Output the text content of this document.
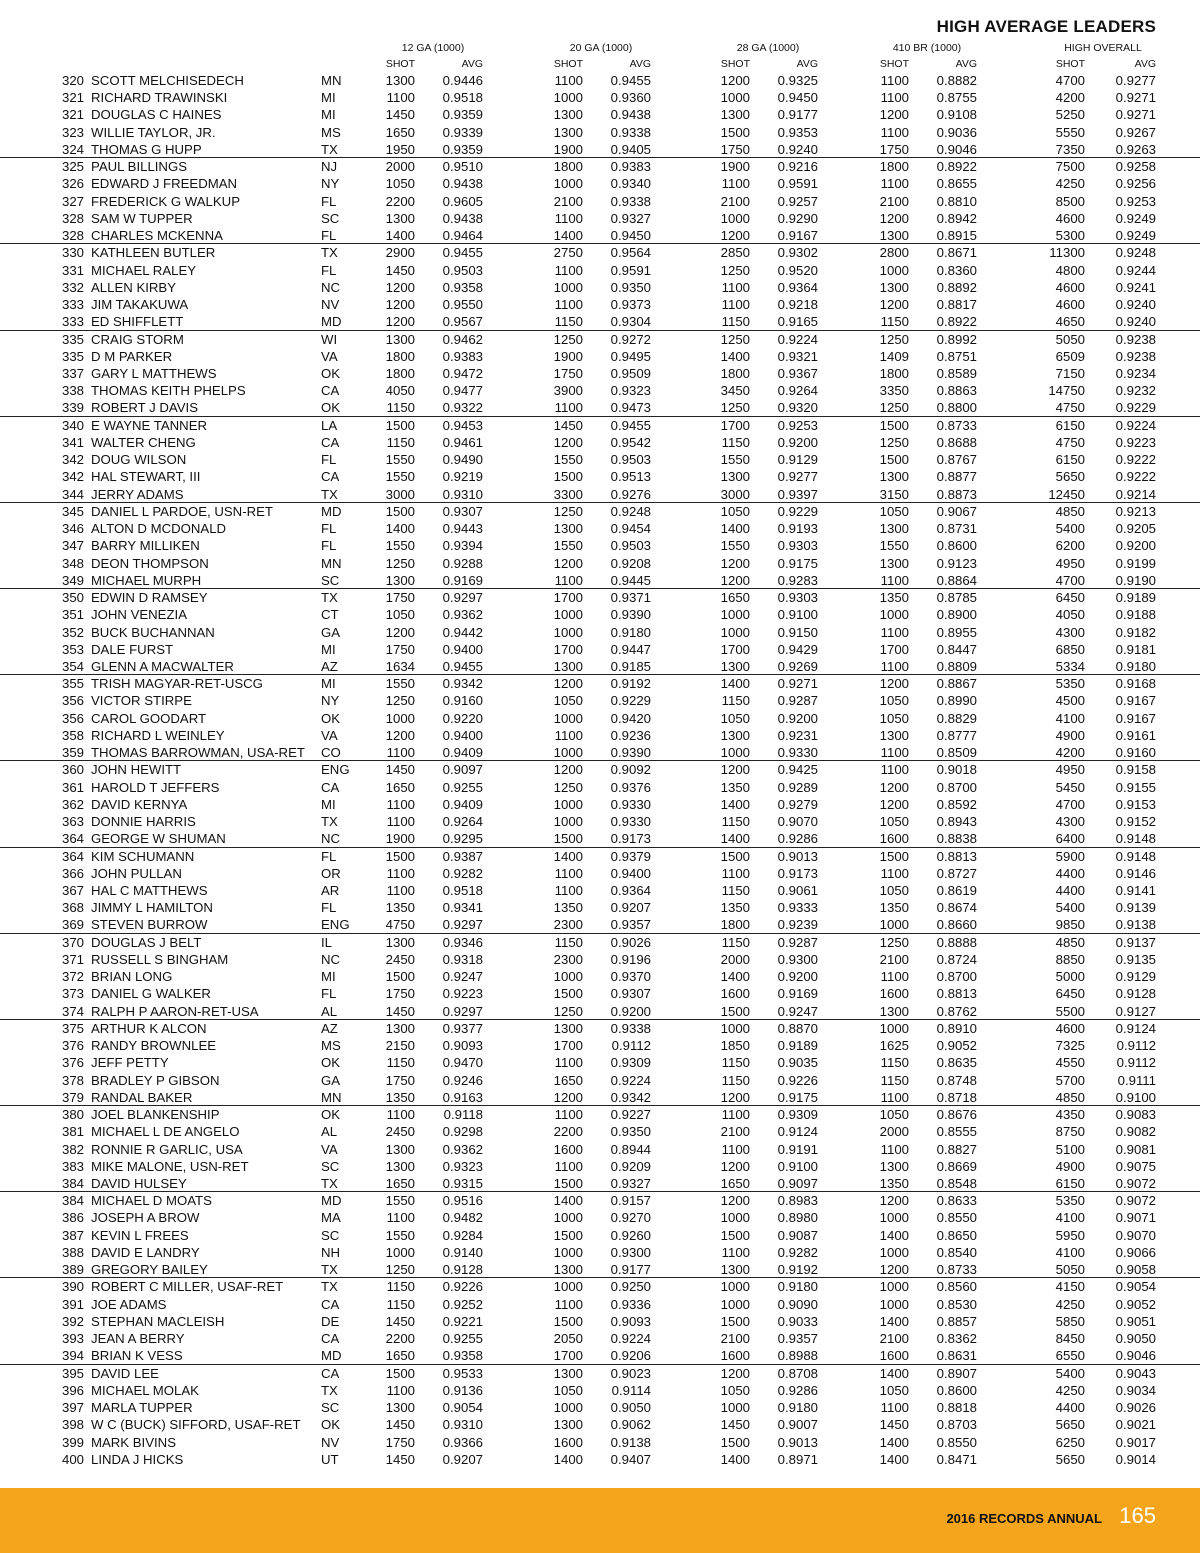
HIGH AVERAGE LEADERS
12 GA (1000)
SHOT	AVG
20 GA (1000)
SHOT	AVG
28 GA (1000)
SHOT	AVG
410 BR (1000)
SHOT	AVG
HIGH OVERALL
SHOT	AVG
320 SCOTT MELCHISEDECH	MN	1300 0.9446	1100 0.9455	1200 0.9325	1100 0.8882	4700 0.9277
321 RICHARD TRAWINSKI	MI	1100 0.9518	1000 0.9360	1000 0.9450	1100 0.8755	4200 0.9271
321 DOUGLAS C HAINES	MI	1450 0.9359	1300 0.9438	1300 0.9177	1200 0.9108	5250 0.9271
323 WILLIE TAYLOR, JR.	MS	1650 0.9339	1300 0.9338	1500 0.9353	1100 0.9036	5550 0.9267
324 THOMAS G HUPP	TX	1950 0.9359	1900 0.9405	1750 0.9240	1750 0.9046	7350 0.9263
325 PAUL BILLINGS	NJ	2000 0.9510	1800 0.9383	1900 0.9216	1800 0.8922	7500 0.9258
326 EDWARD J FREEDMAN	NY	1050 0.9438	1000 0.9340	1100 0.9591	1100 0.8655	4250 0.9256
327 FREDERICK G WALKUP	FL	2200 0.9605	2100 0.9338	2100 0.9257	2100 0.8810	8500 0.9253
328 SAM W TUPPER	SC	1300 0.9438	1100 0.9327	1000 0.9290	1200 0.8942	4600 0.9249
328 CHARLES MCKENNA	FL	1400 0.9464	1400 0.9450	1200 0.9167	1300 0.8915	5300 0.9249
330 KATHLEEN BUTLER	TX	2900 0.9455	2750 0.9564	2850 0.9302	2800 0.8671	11300 0.9248
331 MICHAEL RALEY	FL	1450 0.9503	1100 0.9591	1250 0.9520	1000 0.8360	4800 0.9244
332 ALLEN KIRBY	NC	1200 0.9358	1000 0.9350	1100 0.9364	1300 0.8892	4600 0.9241
333 JIM TAKAKUWA	NV	1200 0.9550	1100 0.9373	1100 0.9218	1200 0.8817	4600 0.9240
333 ED SHIFFLETT	MD	1200 0.9567	1150 0.9304	1150 0.9165	1150 0.8922	4650 0.9240
335 CRAIG STORM	WI	1300 0.9462	1250 0.9272	1250 0.9224	1250 0.8992	5050 0.9238
335 D M PARKER	VA	1800 0.9383	1900 0.9495	1400 0.9321	1409 0.8751	6509 0.9238
337 GARY L MATTHEWS	OK	1800 0.9472	1750 0.9509	1800 0.9367	1800 0.8589	7150 0.9234
338 THOMAS KEITH PHELPS	CA	4050 0.9477	3900 0.9323	3450 0.9264	3350 0.8863	14750 0.9232
339 ROBERT J DAVIS	OK	1150 0.9322	1100 0.9473	1250 0.9320	1250 0.8800	4750 0.9229
340 E WAYNE TANNER	LA	1500 0.9453	1450 0.9455	1700 0.9253	1500 0.8733	6150 0.9224
341 WALTER CHENG	CA	1150 0.9461	1200 0.9542	1150 0.9200	1250 0.8688	4750 0.9223
342 DOUG WILSON	FL	1550 0.9490	1550 0.9503	1550 0.9129	1500 0.8767	6150 0.9222
342 HAL STEWART, III	CA	1550 0.9219	1500 0.9513	1300 0.9277	1300 0.8877	5650 0.9222
344 JERRY ADAMS	TX	3000 0.9310	3300 0.9276	3000 0.9397	3150 0.8873	12450 0.9214
345 DANIEL L PARDOE, USN-RET	MD	1500 0.9307	1250 0.9248	1050 0.9229	1050 0.9067	4850 0.9213
346 ALTON D MCDONALD	FL	1400 0.9443	1300 0.9454	1400 0.9193	1300 0.8731	5400 0.9205
347 BARRY MILLIKEN	FL	1550 0.9394	1550 0.9503	1550 0.9303	1550 0.8600	6200 0.9200
348 DEON THOMPSON	MN	1250 0.9288	1200 0.9208	1200 0.9175	1300 0.9123	4950 0.9199
349 MICHAEL MURPH	SC	1300 0.9169	1100 0.9445	1200 0.9283	1100 0.8864	4700 0.9190
350 EDWIN D RAMSEY	TX	1750 0.9297	1700 0.9371	1650 0.9303	1350 0.8785	6450 0.9189
351 JOHN VENEZIA	CT	1050 0.9362	1000 0.9390	1000 0.9100	1000 0.8900	4050 0.9188
352 BUCK BUCHANNAN	GA	1200 0.9442	1000 0.9180	1000 0.9150	1100 0.8955	4300 0.9182
353 DALE FURST	MI	1750 0.9400	1700 0.9447	1700 0.9429	1700 0.8447	6850 0.9181
354 GLENN A MACWALTER	AZ	1634 0.9455	1300 0.9185	1300 0.9269	1100 0.8809	5334 0.9180
355 TRISH MAGYAR-RET-USCG	MI	1550 0.9342	1200 0.9192	1400 0.9271	1200 0.8867	5350 0.9168
356 VICTOR STIRPE	NY	1250 0.9160	1050 0.9229	1150 0.9287	1050 0.8990	4500 0.9167
356 CAROL GOODART	OK	1000 0.9220	1000 0.9420	1050 0.9200	1050 0.8829	4100 0.9167
358 RICHARD L WEINLEY	VA	1200 0.9400	1100 0.9236	1300 0.9231	1300 0.8777	4900 0.9161
359 THOMAS BARROWMAN, USA-RET CO	1100 0.9409	1000 0.9390	1000 0.9330	1100 0.8509	4200 0.9160
360 JOHN HEWITT	ENG	1450 0.9097	1200 0.9092	1200 0.9425	1100 0.9018	4950 0.9158
361 HAROLD T JEFFERS	CA	1650 0.9255	1250 0.9376	1350 0.9289	1200 0.8700	5450 0.9155
362 DAVID KERNYA	MI	1100 0.9409	1000 0.9330	1400 0.9279	1200 0.8592	4700 0.9153
363 DONNIE HARRIS	TX	1100 0.9264	1000 0.9330	1150 0.9070	1050 0.8943	4300 0.9152
364 GEORGE W SHUMAN	NC	1900 0.9295	1500 0.9173	1400 0.9286	1600 0.8838	6400 0.9148
364 KIM SCHUMANN	FL	1500 0.9387	1400 0.9379	1500 0.9013	1500 0.8813	5900 0.9148
366 JOHN PULLAN	OR	1100 0.9282	1100 0.9400	1100 0.9173	1100 0.8727	4400 0.9146
367 HAL C MATTHEWS	AR	1100 0.9518	1100 0.9364	1150 0.9061	1050 0.8619	4400 0.9141
368 JIMMY L HAMILTON	FL	1350 0.9341	1350 0.9207	1350 0.9333	1350 0.8674	5400 0.9139
369 STEVEN BURROW	ENG	4750 0.9297	2300 0.9357	1800 0.9239	1000 0.8660	9850 0.9138
370 DOUGLAS J BELT	IL	1300 0.9346	1150 0.9026	1150 0.9287	1250 0.8888	4850 0.9137
371 RUSSELL S BINGHAM	NC	2450 0.9318	2300 0.9196	2000 0.9300	2100 0.8724	8850 0.9135
372 BRIAN LONG	MI	1500 0.9247	1000 0.9370	1400 0.9200	1100 0.8700	5000 0.9129
373 DANIEL G WALKER	FL	1750 0.9223	1500 0.9307	1600 0.9169	1600 0.8813	6450 0.9128
374 RALPH P AARON-RET-USA	AL	1450 0.9297	1250 0.9200	1500 0.9247	1300 0.8762	5500 0.9127
375 ARTHUR K ALCON	AZ	1300 0.9377	1300 0.9338	1000 0.8870	1000 0.8910	4600 0.9124
376 RANDY BROWNLEE	MS	2150 0.9093	1700 0.9112	1850 0.9189	1625 0.9052	7325 0.9112
376 JEFF PETTY	OK	1150 0.9470	1100 0.9309	1150 0.9035	1150 0.8635	4550 0.9112
378 BRADLEY P GIBSON	GA	1750 0.9246	1650 0.9224	1150 0.9226	1150 0.8748	5700 0.9111
379 RANDAL BAKER	MN	1350 0.9163	1200 0.9342	1200 0.9175	1100 0.8718	4850 0.9100
380 JOEL BLANKENSHIP	OK	1100 0.9118	1100 0.9227	1100 0.9309	1050 0.8676	4350 0.9083
381 MICHAEL L DE ANGELO	AL	2450 0.9298	2200 0.9350	2100 0.9124	2000 0.8555	8750 0.9082
382 RONNIE R GARLIC, USA	VA	1300 0.9362	1600 0.8944	1100 0.9191	1100 0.8827	5100 0.9081
383 MIKE MALONE, USN-RET	SC	1300 0.9323	1100 0.9209	1200 0.9100	1300 0.8669	4900 0.9075
384 DAVID HULSEY	TX	1650 0.9315	1500 0.9327	1650 0.9097	1350 0.8548	6150 0.9072
384 MICHAEL D MOATS	MD	1550 0.9516	1400 0.9157	1200 0.8983	1200 0.8633	5350 0.9072
386 JOSEPH A BROW	MA	1100 0.9482	1000 0.9270	1000 0.8980	1000 0.8550	4100 0.9071
387 KEVIN L FREES	SC	1550 0.9284	1500 0.9260	1500 0.9087	1400 0.8650	5950 0.9070
388 DAVID E LANDRY	NH	1000 0.9140	1000 0.9300	1100 0.9282	1000 0.8540	4100 0.9066
389 GREGORY BAILEY	TX	1250 0.9128	1300 0.9177	1300 0.9192	1200 0.8733	5050 0.9058
390 ROBERT C MILLER, USAF-RET	TX	1150 0.9226	1000 0.9250	1000 0.9180	1000 0.8560	4150 0.9054
391 JOE ADAMS	CA	1150 0.9252	1100 0.9336	1000 0.9090	1000 0.8530	4250 0.9052
392 STEPHAN MACLEISH	DE	1450 0.9221	1500 0.9093	1500 0.9033	1400 0.8857	5850 0.9051
393 JEAN A BERRY	CA	2200 0.9255	2050 0.9224	2100 0.9357	2100 0.8362	8450 0.9050
394 BRIAN K VESS	MD	1650 0.9358	1700 0.9206	1600 0.8988	1600 0.8631	6550 0.9046
395 DAVID LEE	CA	1500 0.9533	1300 0.9023	1200 0.8708	1400 0.8907	5400 0.9043
396 MICHAEL MOLAK	TX	1100 0.9136	1050 0.9114	1050 0.9286	1050 0.8600	4250 0.9034
397 MARLA TUPPER	SC	1300 0.9054	1000 0.9050	1000 0.9180	1100 0.8818	4400 0.9026
398 W C (BUCK) SIFFORD, USAF-RET OK	1450 0.9310	1300 0.9062	1450 0.9007	1450 0.8703	5650 0.9021
399 MARK BIVINS	NV	1750 0.9366	1600 0.9138	1500 0.9013	1400 0.8550	6250 0.9017
400 LINDA J HICKS	UT	1450 0.9207	1400 0.9407	1400 0.8971	1400 0.8471	5650 0.9014
2016 RECORDS ANNUAL 165
